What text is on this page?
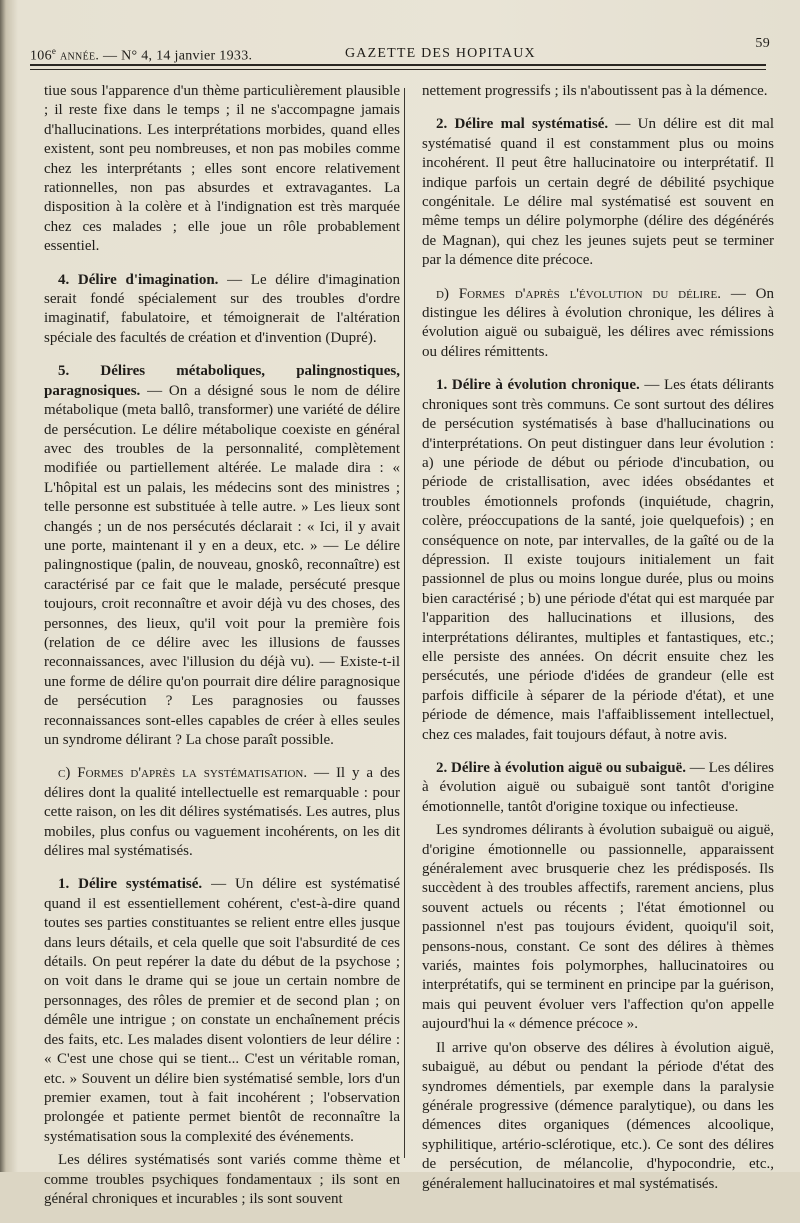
106e année. — N° 4, 14 janvier 1933.	GAZETTE DES HOPITAUX
59

tiue sous l'apparence d'un thème particulièrement plausible ; il reste fixe dans le temps ; il ne s'accompagne jamais d'hallucinations. Les interprétations morbides, quand elles existent, sont peu nombreuses, et non pas mobiles comme chez les interprétants ; elles sont encore relativement rationnelles, non pas absurdes et extravagantes. La disposition à la colère et à l'indignation est très marquée chez ces malades ; elle joue un rôle probablement essentiel.

4. Délire d'imagination. — Le délire d'imagination serait fondé spécialement sur des troubles d'ordre imaginatif, fabulatoire, et témoignerait de l'altération spéciale des facultés de création et d'invention (Dupré).

5. Délires métaboliques, palingnostiques, paragnosiques. — On a désigné sous le nom de délire métabolique (meta ballô, transformer) une variété de délire de persécution. Le délire métabolique coexiste en général avec des troubles de la personnalité, complètement modifiée ou partiellement altérée. Le malade dira : « L'hôpital est un palais, les médecins sont des ministres ; telle personne est substituée à telle autre. » Les lieux sont changés ; un de nos persécutés déclarait : « Ici, il y avait une porte, maintenant il y en a deux, etc. » — Le délire palingnostique (palin, de nouveau, gnoskô, reconnaître) est caractérisé par ce fait que le malade, persécuté presque toujours, croit reconnaître et avoir déjà vu des choses, des personnes, des lieux, qu'il voit pour la première fois (relation de ce délire avec les illusions de fausses reconnaissances, avec l'illusion du déjà vu). — Existe-t-il une forme de délire qu'on pourrait dire délire paragnosique de persécution ? Les paragnosies ou fausses reconnaissances sont-elles capables de créer à elles seules un syndrome délirant ? La chose paraît possible.

c) Formes d'après la systématisation. — Il y a des délires dont la qualité intellectuelle est remarquable : pour cette raison, on les dit délires systématisés. Les autres, plus mobiles, plus confus ou vaguement incohérents, on les dit délires mal systématisés.

1. Délire systématisé. — Un délire est systématisé quand il est essentiellement cohérent, c'est-à-dire quand toutes ses parties constituantes se relient entre elles jusque dans leurs détails, et cela quelle que soit l'absurdité de ces détails. On peut repérer la date du début de la psychose ; on voit dans le drame qui se joue un certain nombre de personnages, des rôles de premier et de second plan ; on démêle une intrigue ; on constate un enchaînement précis des faits, etc. Les malades disent volontiers de leur délire : « C'est une chose qui se tient... C'est un véritable roman, etc. » Souvent un délire bien systématisé semble, lors d'un premier examen, tout à fait incohérent ; l'observation prolongée et patiente permet bientôt de reconnaître la systématisation sous la complexité des événements.

Les délires systématisés sont variés comme thème et comme troubles psychiques fondamentaux ; ils sont en général chroniques et incurables ; ils sont souvent

nettement progressifs ; ils n'aboutissent pas à la démence.

2. Délire mal systématisé. — Un délire est dit mal systématisé quand il est constamment plus ou moins incohérent. Il peut être hallucinatoire ou interprétatif. Il indique parfois un certain degré de débilité psychique congénitale. Le délire mal systématisé est souvent en même temps un délire polymorphe (délire des dégénérés de Magnan), qui chez les jeunes sujets peut se terminer par la démence dite précoce.

d) Formes d'après l'évolution du délire. — On distingue les délires à évolution chronique, les délires à évolution aiguë ou subaiguë, les délires avec rémissions ou délires rémittents.

1. Délire à évolution chronique. — Les états délirants chroniques sont très communs. Ce sont surtout des délires de persécution systématisés à base d'hallucinations ou d'interprétations. On peut distinguer dans leur évolution : a) une période de début ou période d'incubation, ou période de cristallisation, avec idées obsédantes et troubles émotionnels profonds (inquiétude, chagrin, colère, préoccupations de la santé, joie quelquefois) ; en conséquence on note, par intervalles, de la gaîté ou de la dépression. Il existe toujours initialement un fait passionnel de plus ou moins longue durée, plus ou moins bien caractérisé ; b) une période d'état qui est marquée par l'apparition des hallucinations et illusions, des interprétations délirantes, multiples et fantastiques, etc.; elle persiste des années. On décrit ensuite chez les persécutés, une période d'idées de grandeur (elle est parfois difficile à séparer de la période d'état), et une période de démence, mais l'affaiblissement intellectuel, chez ces malades, fait toujours défaut, à notre avis.

2. Délire à évolution aiguë ou subaiguë. — Les délires à évolution aiguë ou subaiguë sont tantôt d'origine émotionnelle, tantôt d'origine toxique ou infectieuse.

Les syndromes délirants à évolution subaiguë ou aiguë, d'origine émotionnelle ou passionnelle, apparaissent généralement avec brusquerie chez les prédisposés. Ils succèdent à des troubles affectifs, rarement anciens, plus souvent actuels ou récents ; l'état émotionnel ou passionnel n'est pas toujours évident, quoiqu'il soit, pensons-nous, constant. Ce sont des délires à thèmes variés, maintes fois polymorphes, hallucinatoires ou interprétatifs, qui se terminent en principe par la guérison, mais qui peuvent évoluer vers l'affection qu'on appelle aujourd'hui la « démence précoce ».

Il arrive qu'on observe des délires à évolution aiguë, subaiguë, au début ou pendant la période d'état des syndromes démentiels, par exemple dans la paralysie générale progressive (démence paralytique), ou dans les démences dites organiques (démences alcoolique, syphilitique, artério-sclérotique, etc.). Ce sont des délires de persécution, de mélancolie, d'hypocondrie, etc., généralement hallucinatoires et mal systématisés.
